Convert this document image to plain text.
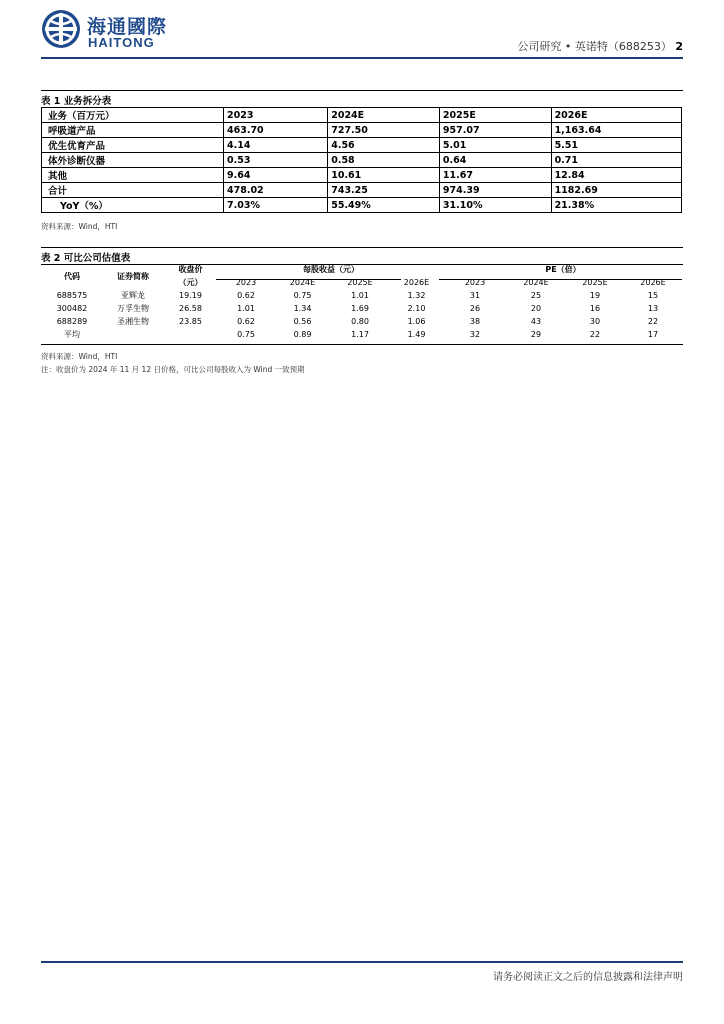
海通國際
HAITONG	公司研究 • 英诺特（688253） 2
表 1 业务拆分表
业务（百万元）	2023	2024E	2025E	2026E
呼吸道产品	463.70	727.50	957.07	1,163.64
优生优育产品	4.14	4.56	5.01	5.51
体外诊断仪器	0.53	0.58	0.64	0.71
其他	9.64	10.61	11.67	12.84
合计	478.02	743.25	974.39	1182.69
YoY（%）	7.03%	55.49%	31.10%	21.38%
资料来源：Wind，HTI
表 2 可比公司估值表
代码	证券简称	收盘价	每股收益（元）				PE（倍）			
		（元）	2023	2024E	2025E	2026E	2023	2024E	2025E	2026E
688575	亚辉龙	19.19	0.62	0.75	1.01	1.32	31	25	19	15
300482	万孚生物	26.58	1.01	1.34	1.69	2.10	26	20	16	13
688289	圣湘生物	23.85	0.62	0.56	0.80	1.06	38	43	30	22
平均			0.75	0.89	1.17	1.49	32	29	22	17
资料来源：Wind，HTI
注：收盘价为 2024 年 11 月 12 日价格，可比公司每股收入为 Wind 一致预期
请务必阅读正文之后的信息披露和法律声明
